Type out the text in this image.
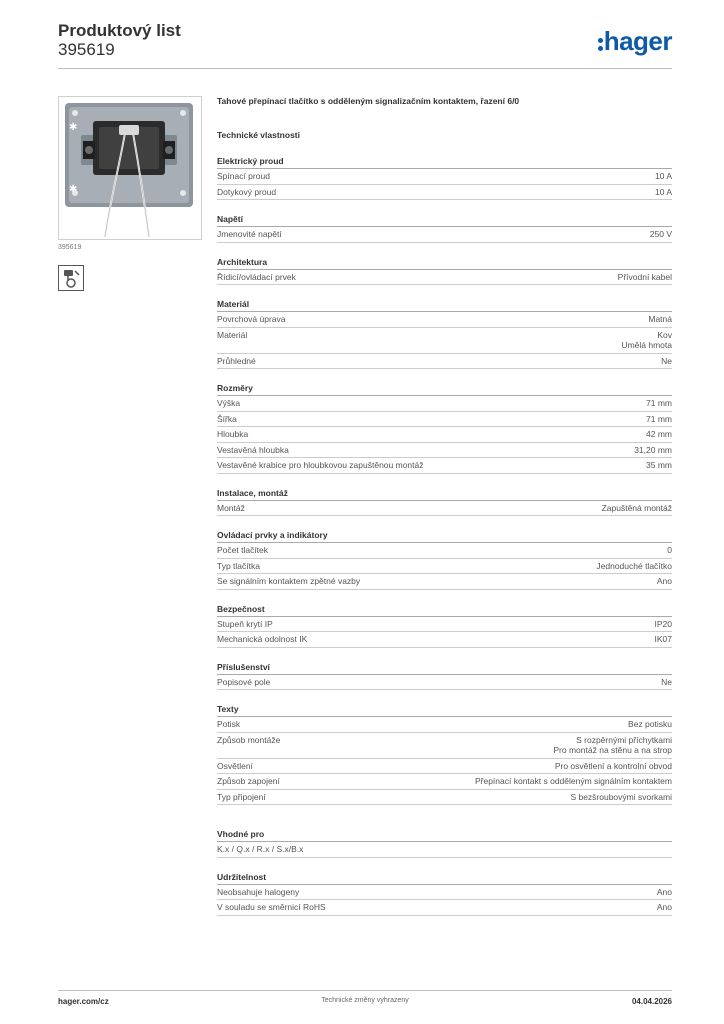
Produktový list
395619	hager
✱
✱
395619
Tahové přepínací tlačítko s odděleným signalizačním kontaktem, řazení 6/0
Technické vlastnosti
Elektrický proud
Spínací proud	10 A
Dotykový proud	10 A
Napětí
Jmenovité napětí	250 V
Architektura
Řídicí/ovládací prvek	Přívodní kabel
Materiál
Povrchová úprava	Matná
Materiál	Kov
Umělá hmota
Průhledné	Ne
Rozměry
Výška	71 mm
Šířka	71 mm
Hloubka	42 mm
Vestavěná hloubka	31,20 mm
Vestavěné krabice pro hloubkovou zapuštěnou montáž	35 mm
Instalace, montáž
Montáž	Zapuštěná montáž
Ovládací prvky a indikátory
Počet tlačítek	0
Typ tlačítka	Jednoduché tlačítko
Se signálním kontaktem zpětné vazby	Ano
Bezpečnost
Stupeň krytí IP	IP20
Mechanická odolnost IK	IK07
Příslušenství
Popisové pole	Ne
Texty
Potisk	Bez potisku
Způsob montáže	S rozpěrnými příchytkami
Pro montáž na stěnu a na strop
Osvětlení	Pro osvětlení a kontrolní obvod
Způsob zapojení	Přepínací kontakt s odděleným signálním kontaktem
Typ připojení	S bezšroubovými svorkami
Vhodné pro
K.x / Q.x / R.x / S.x/B.x
Udržitelnost
Neobsahuje halogeny	Ano
V souladu se směrnicí RoHS	Ano
hager.com/cz	Technické změny vyhrazeny	04.04.2026
